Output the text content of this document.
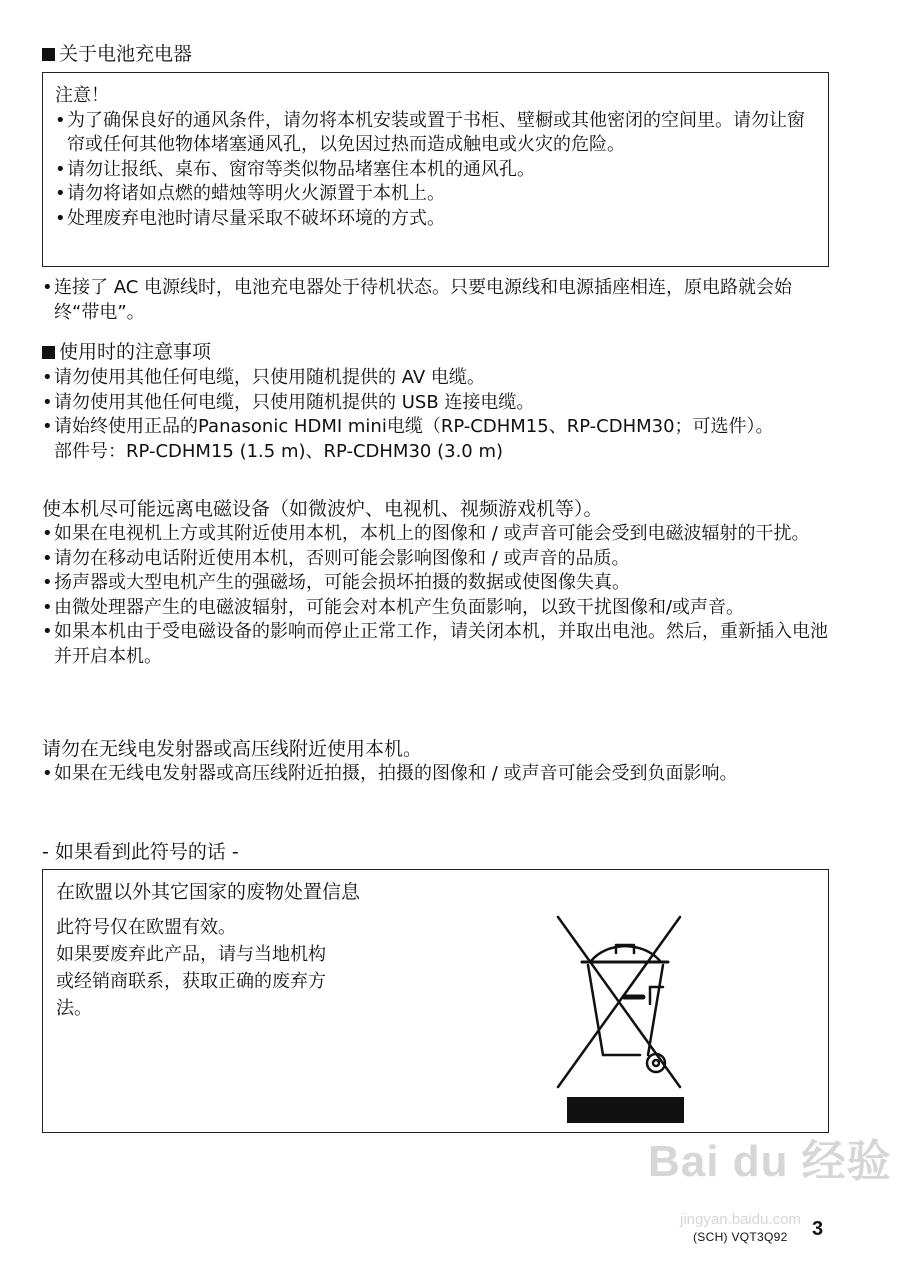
关于电池充电器
注意！
• 为了确保良好的通风条件，请勿将本机安装或置于书柜、壁橱或其他密闭的空间里。请勿让窗帘或任何其他物体堵塞通风孔，以免因过热而造成触电或火灾的危险。
• 请勿让报纸、桌布、窗帘等类似物品堵塞住本机的通风孔。
• 请勿将诸如点燃的蜡烛等明火火源置于本机上。
• 处理废弃电池时请尽量采取不破坏环境的方式。
• 连接了 AC 电源线时，电池充电器处于待机状态。只要电源线和电源插座相连，原电路就会始终“带电”。
使用时的注意事项
• 请勿使用其他任何电缆，只使用随机提供的 AV 电缆。
• 请勿使用其他任何电缆，只使用随机提供的 USB 连接电缆。
• 请始终使用正品的Panasonic HDMI mini电缆（RP-CDHM15、RP-CDHM30；可选件）。
部件号：RP-CDHM15 (1.5 m)、RP-CDHM30 (3.0 m)
使本机尽可能远离电磁设备（如微波炉、电视机、视频游戏机等）。
• 如果在电视机上方或其附近使用本机，本机上的图像和 / 或声音可能会受到电磁波辐射的干扰。
• 请勿在移动电话附近使用本机，否则可能会影响图像和 / 或声音的品质。
• 扬声器或大型电机产生的强磁场，可能会损坏拍摄的数据或使图像失真。
• 由微处理器产生的电磁波辐射，可能会对本机产生负面影响，以致干扰图像和/或声音。
• 如果本机由于受电磁设备的影响而停止正常工作，请关闭本机，并取出电池。然后，重新插入电池并开启本机。
请勿在无线电发射器或高压线附近使用本机。
• 如果在无线电发射器或高压线附近拍摄，拍摄的图像和 / 或声音可能会受到负面影响。
- 如果看到此符号的话 -
在欧盟以外其它国家的废物处置信息
此符号仅在欧盟有效。
如果要废弃此产品，请与当地机构
或经销商联系，获取正确的废弃方
法。
Bai du 经验
jingyan.baidu.com
(SCH) VQT3Q92 3
